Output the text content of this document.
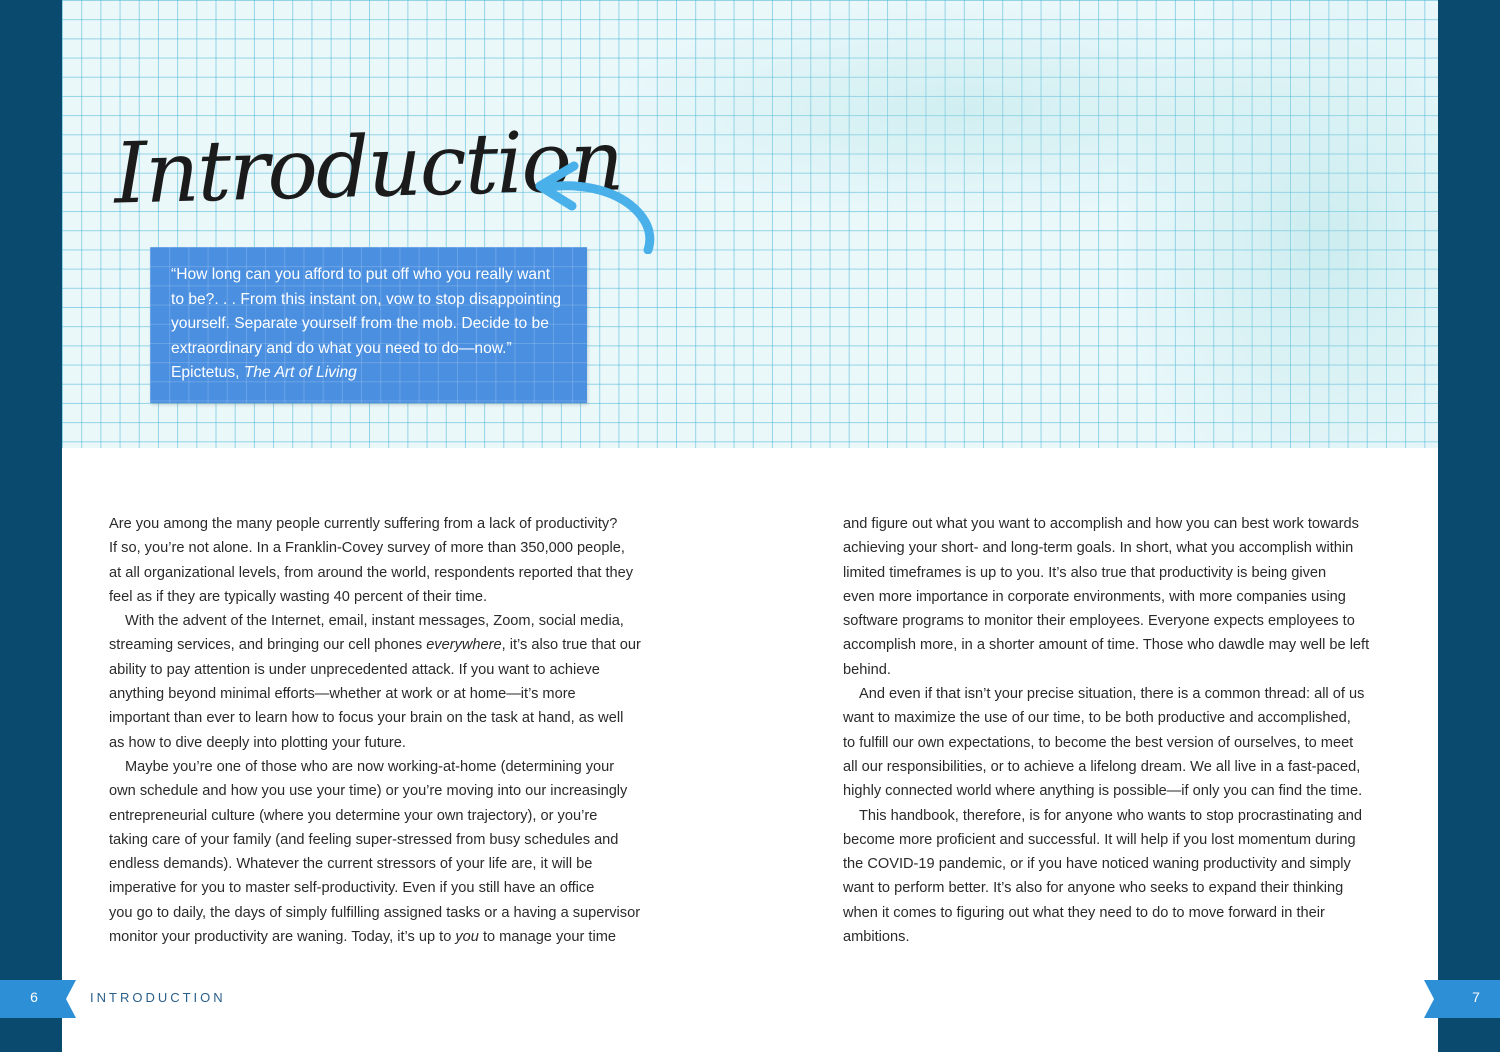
Introduction

“How long can you afford to put off who you really want

to be?. . . From this instant on, vow to stop disappointing

yourself. Separate yourself from the mob. Decide to be

extraordinary and do what you need to do—now.”

Epictetus, The Art of Living

Are you among the many people currently suffering from a lack of productivity?

If so, you’re not alone. In a Franklin-Covey survey of more than 350,000 people,

at all organizational levels, from around the world, respondents reported that they

feel as if they are typically wasting 40 percent of their time.

With the advent of the Internet, email, instant messages, Zoom, social media,

streaming services, and bringing our cell phones everywhere, it’s also true that our

ability to pay attention is under unprecedented attack. If you want to achieve

anything beyond minimal efforts—whether at work or at home—it’s more

important than ever to learn how to focus your brain on the task at hand, as well

as how to dive deeply into plotting your future.

Maybe you’re one of those who are now working-at-home (determining your

own schedule and how you use your time) or you’re moving into our increasingly

entrepreneurial culture (where you determine your own trajectory), or you’re

taking care of your family (and feeling super-stressed from busy schedules and

endless demands). Whatever the current stressors of your life are, it will be

imperative for you to master self-productivity. Even if you still have an office

you go to daily, the days of simply fulfilling assigned tasks or a having a supervisor

monitor your productivity are waning. Today, it’s up to you to manage your time

and figure out what you want to accomplish and how you can best work towards

achieving your short- and long-term goals. In short, what you accomplish within

limited timeframes is up to you. It’s also true that productivity is being given

even more importance in corporate environments, with more companies using

software programs to monitor their employees. Everyone expects employees to

accomplish more, in a shorter amount of time. Those who dawdle may well be left

behind.

And even if that isn’t your precise situation, there is a common thread: all of us

want to maximize the use of our time, to be both productive and accomplished,

to fulfill our own expectations, to become the best version of ourselves, to meet

all our responsibilities, or to achieve a lifelong dream. We all live in a fast-paced,

highly connected world where anything is possible—if only you can find the time.

This handbook, therefore, is for anyone who wants to stop procrastinating and

become more proficient and successful. It will help if you lost momentum during

the COVID-19 pandemic, or if you have noticed waning productivity and simply

want to perform better. It’s also for anyone who seeks to expand their thinking

when it comes to figuring out what they need to do to move forward in their

ambitions.

6	INTRODUCTION	7
